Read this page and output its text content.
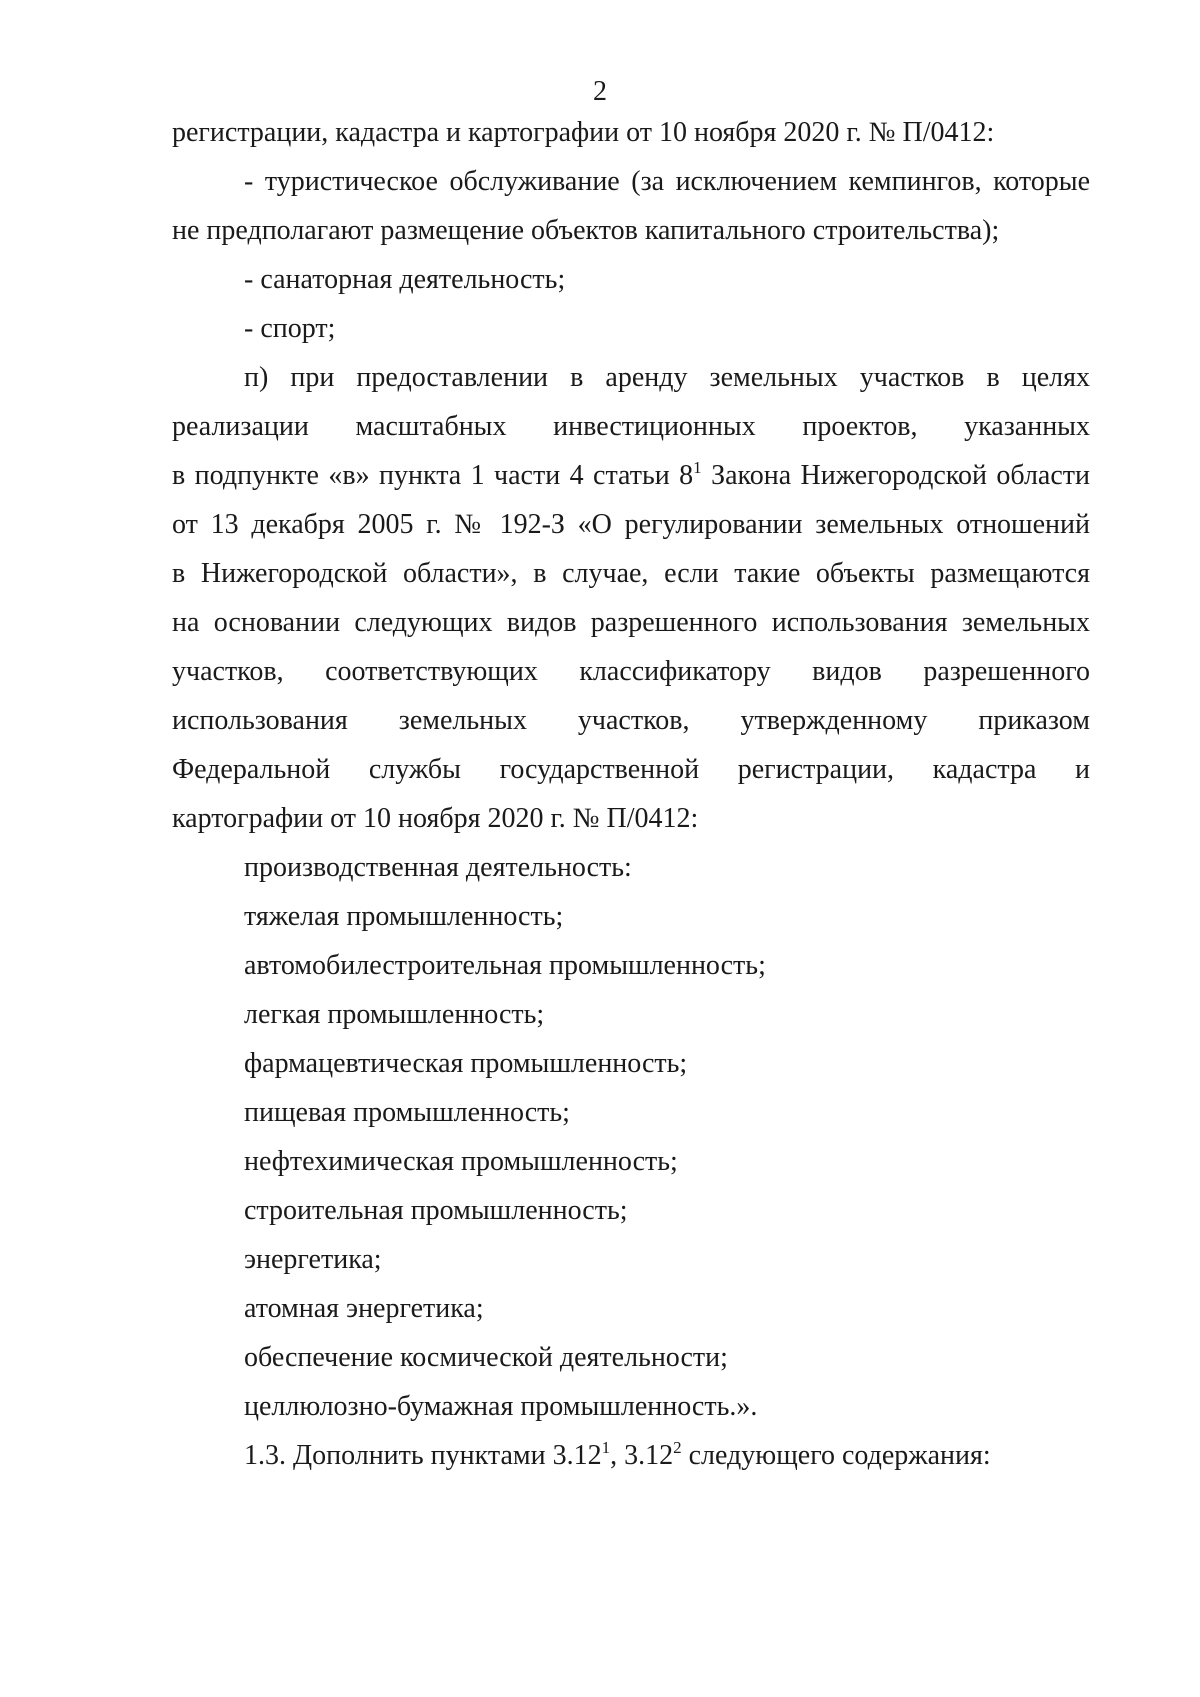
2

регистрации, кадастра и картографии от 10 ноября 2020 г. № П/0412:

- туристическое обслуживание (за исключением кемпингов, которые

не предполагают размещение объектов капитального строительства);

- санаторная деятельность;

- спорт;

п) при предоставлении в аренду земельных участков в целях

реализации масштабных инвестиционных проектов, указанных

в подпункте «в» пункта 1 части 4 статьи $8^1$ Закона Нижегородской области

от 13 декабря 2005 г. № 192-З «О регулировании земельных отношений

в Нижегородской области», в случае, если такие объекты размещаются

на основании следующих видов разрешенного использования земельных

участков, соответствующих классификатору видов разрешенного

использования земельных участков, утвержденному приказом

Федеральной службы государственной регистрации, кадастра и

картографии от 10 ноября 2020 г. № П/0412:

производственная деятельность:

тяжелая промышленность;

автомобилестроительная промышленность;

легкая промышленность;

фармацевтическая промышленность;

пищевая промышленность;

нефтехимическая промышленность;

строительная промышленность;

энергетика;

атомная энергетика;

обеспечение космической деятельности;

целлюлозно-бумажная промышленность.».

1.3. Дополнить пунктами 3.12$^1$, 3.12$^2$ следующего содержания:
